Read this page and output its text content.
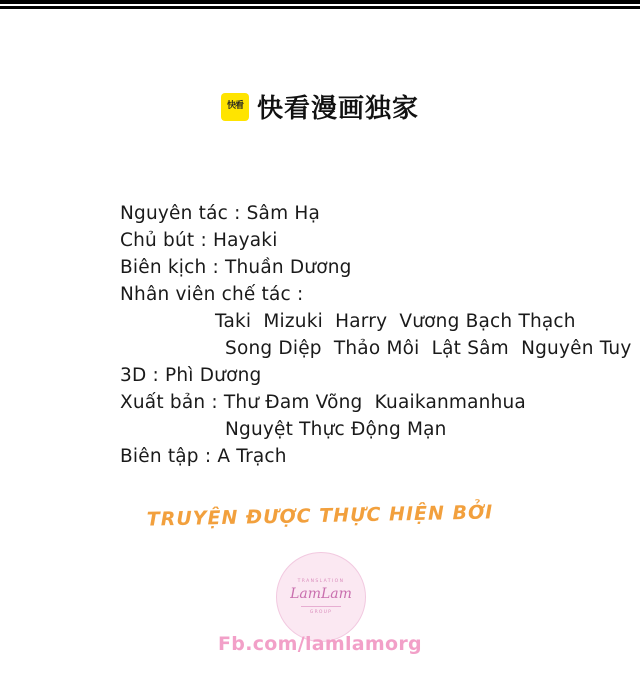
快看 快看漫画独家
Nguyên tác : Sâm Hạ
Chủ bút : Hayaki
Biên kịch : Thuần Dương
Nhân viên chế tác :
Taki  Mizuki  Harry  Vương Bạch Thạch
Song Diệp  Thảo Môi  Lật Sâm  Nguyên Tuy
3D : Phì Dương
Xuất bản : Thư Đam Võng  Kuaikanmanhua
Nguyệt Thực Động Mạn
Biên tập : A Trạch
TRUYỆN ĐƯỢC THỰC HIỆN BỞI
TRANSLATION
LamLam
GROUP
Fb.com/lamlamorg
